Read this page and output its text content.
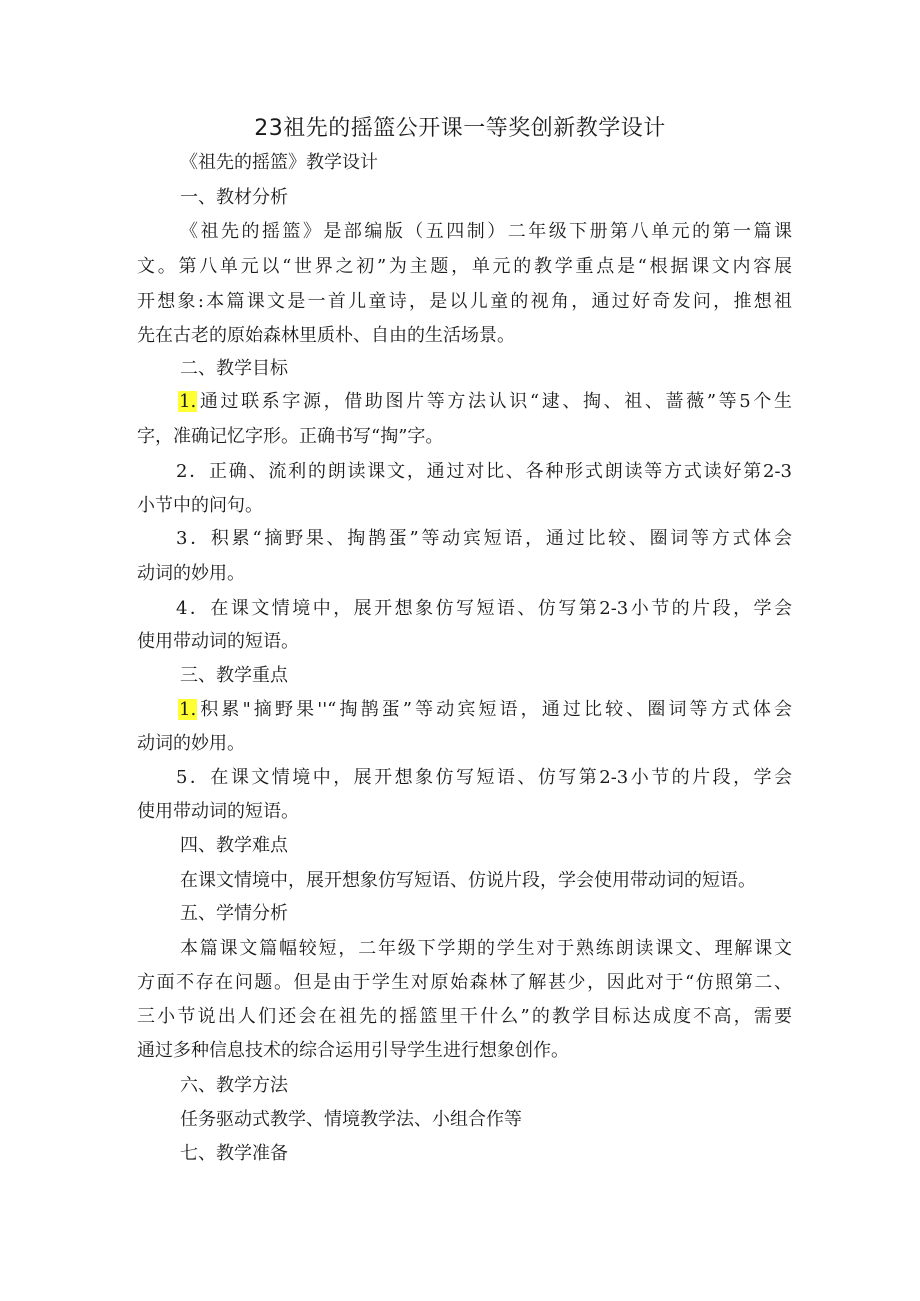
23祖先的摇篮公开课一等奖创新教学设计
《祖先的摇篮》教学设计
一、教材分析
《祖先的摇篮》是部编版（五四制）二年级下册第八单元的第一篇课
文。第八单元以“世界之初”为主题，单元的教学重点是“根据课文内容展
开想象:本篇课文是一首儿童诗，是以儿童的视角，通过好奇发问，推想祖
先在古老的原始森林里质朴、自由的生活场景。
二、教学目标
1.通过联系字源，借助图片等方法认识“逮、掏、祖、蔷薇”等5个生
字，准确记忆字形。正确书写“掏”字。
2．正确、流利的朗读课文，通过对比、各种形式朗读等方式读好第2-3
小节中的问句。
3．积累“摘野果、掏鹊蛋”等动宾短语，通过比较、圈词等方式体会
动词的妙用。
4．在课文情境中，展开想象仿写短语、仿写第2-3小节的片段，学会
使用带动词的短语。
三、教学重点
1.积累"摘野果''“掏鹊蛋”等动宾短语，通过比较、圈词等方式体会
动词的妙用。
5．在课文情境中，展开想象仿写短语、仿写第2-3小节的片段，学会
使用带动词的短语。
四、教学难点
在课文情境中，展开想象仿写短语、仿说片段，学会使用带动词的短语。
五、学情分析
本篇课文篇幅较短，二年级下学期的学生对于熟练朗读课文、理解课文
方面不存在问题。但是由于学生对原始森林了解甚少，因此对于“仿照第二、
三小节说出人们还会在祖先的摇篮里干什么”的教学目标达成度不高，需要
通过多种信息技术的综合运用引导学生进行想象创作。
六、教学方法
任务驱动式教学、情境教学法、小组合作等
七、教学准备
